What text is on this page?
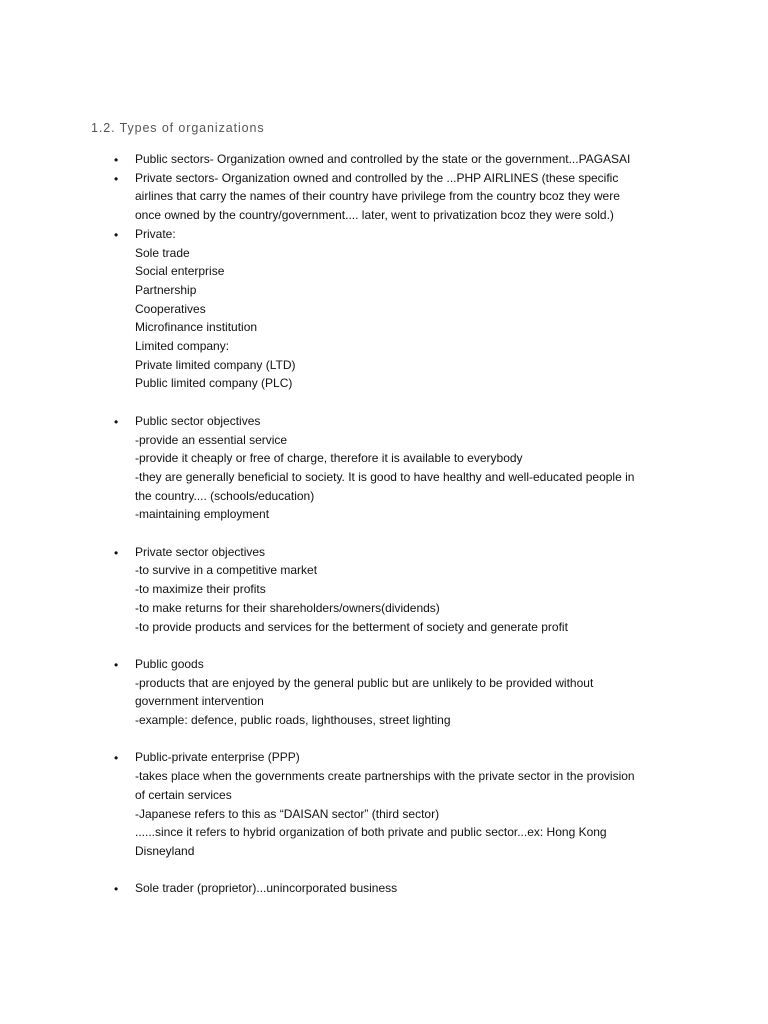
1.2. Types of organizations
• Public sectors- Organization owned and controlled by the state or the government...PAGASAI
• Private sectors- Organization owned and controlled by the ...PHP AIRLINES (these specific
airlines that carry the names of their country have privilege from the country bcoz they were
once owned by the country/government.... later, went to privatization bcoz they were sold.)
• Private:
Sole trade
Social enterprise
Partnership
Cooperatives
Microfinance institution
Limited company:
Private limited company (LTD)
Public limited company (PLC)
• Public sector objectives
-provide an essential service
-provide it cheaply or free of charge, therefore it is available to everybody
-they are generally beneficial to society. It is good to have healthy and well-educated people in
the country.... (schools/education)
-maintaining employment
• Private sector objectives
-to survive in a competitive market
-to maximize their profits
-to make returns for their shareholders/owners(dividends)
-to provide products and services for the betterment of society and generate profit
• Public goods
-products that are enjoyed by the general public but are unlikely to be provided without
government intervention
-example: defence, public roads, lighthouses, street lighting
• Public-private enterprise (PPP)
-takes place when the governments create partnerships with the private sector in the provision
of certain services
-Japanese refers to this as “DAISAN sector” (third sector)
......since it refers to hybrid organization of both private and public sector...ex: Hong Kong
Disneyland
• Sole trader (proprietor)...unincorporated business
